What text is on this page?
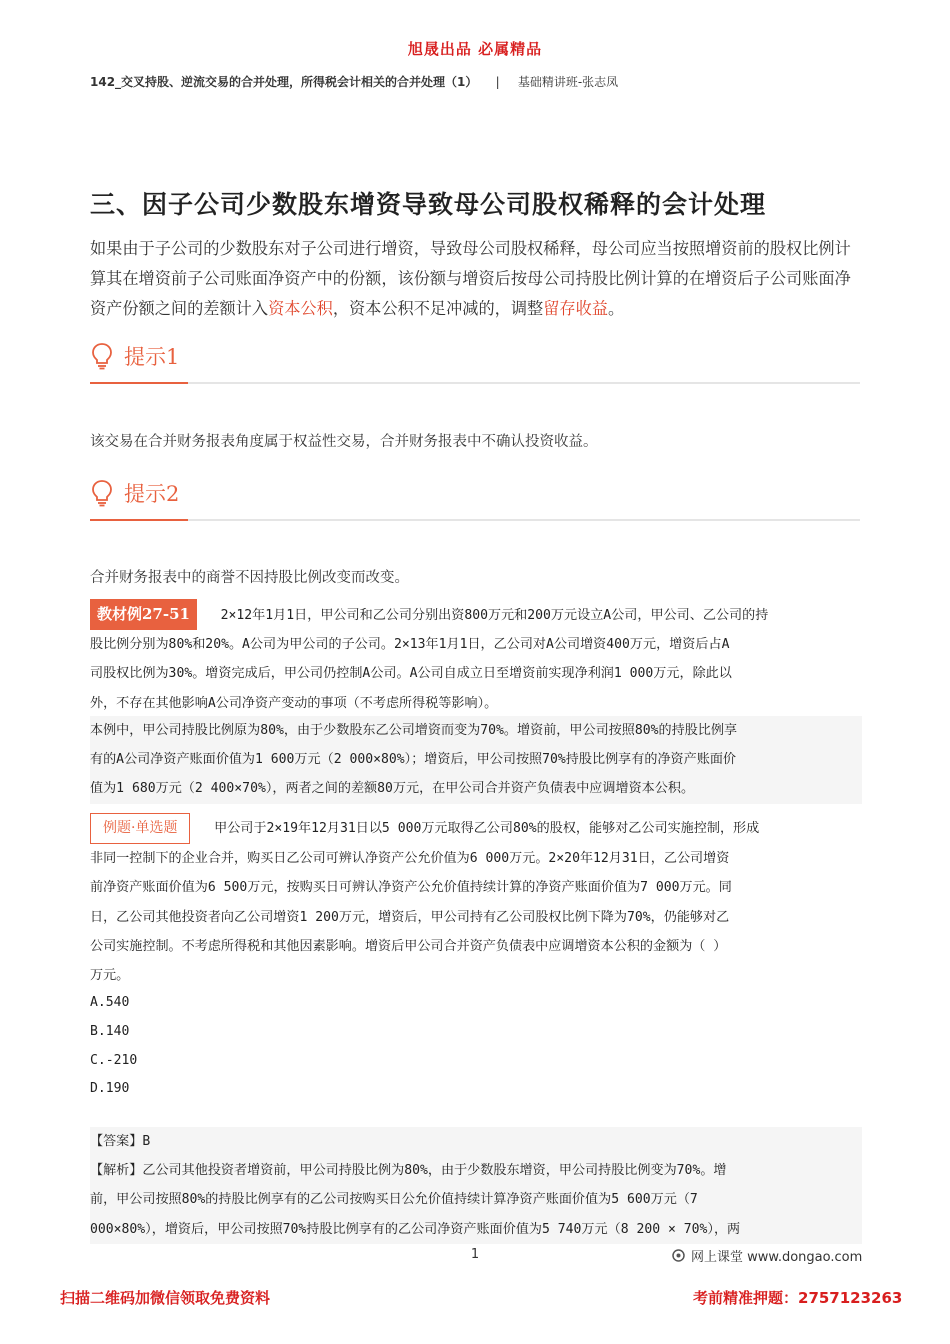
旭晟出品 必属精品
142_交叉持股、逆流交易的合并处理，所得税会计相关的合并处理（1） | 基础精讲班-张志凤
三、因子公司少数股东增资导致母公司股权稀释的会计处理
如果由于子公司的少数股东对子公司进行增资，导致母公司股权稀释，母公司应当按照增资前的股权比例计算其在增资前子公司账面净资产中的份额，该份额与增资后按母公司持股比例计算的在增资后子公司账面净资产份额之间的差额计入资本公积，资本公积不足冲减的，调整留存收益。
提示1
该交易在合并财务报表角度属于权益性交易，合并财务报表中不确认投资收益。
提示2
合并财务报表中的商誉不因持股比例改变而改变。
教材例27-51 2×12年1月1日，甲公司和乙公司分别出资800万元和200万元设立A公司，甲公司、乙公司的持
股比例分别为80%和20%。A公司为甲公司的子公司。2×13年1月1日，乙公司对A公司增资400万元，增资后占A
司股权比例为30%。增资完成后，甲公司仍控制A公司。A公司自成立日至增资前实现净利润1 000万元，除此以
外，不存在其他影响A公司净资产变动的事项（不考虑所得税等影响）。
本例中，甲公司持股比例原为80%，由于少数股东乙公司增资而变为70%。增资前，甲公司按照80%的持股比例享
有的A公司净资产账面价值为1 600万元（2 000×80%）；增资后，甲公司按照70%持股比例享有的净资产账面价
值为1 680万元（2 400×70%），两者之间的差额80万元，在甲公司合并资产负债表中应调增资本公积。
例题·单选题	甲公司于2×19年12月31日以5 000万元取得乙公司80%的股权，能够对乙公司实施控制，形成
非同一控制下的企业合并，购买日乙公司可辨认净资产公允价值为6 000万元。2×20年12月31日，乙公司增资
前净资产账面价值为6 500万元，按购买日可辨认净资产公允价值持续计算的净资产账面价值为7 000万元。同
日，乙公司其他投资者向乙公司增资1 200万元，增资后，甲公司持有乙公司股权比例下降为70%，仍能够对乙
公司实施控制。不考虑所得税和其他因素影响。增资后甲公司合并资产负债表中应调增资本公积的金额为（ ）
万元。
A.540
B.140
C.-210
D.190
【答案】B
【解析】乙公司其他投资者增资前，甲公司持股比例为80%，由于少数股东增资，甲公司持股比例变为70%。增
前，甲公司按照80%的持股比例享有的乙公司按购买日公允价值持续计算净资产账面价值为5 600万元（7
000×80%），增资后，甲公司按照70%持股比例享有的乙公司净资产账面价值为5 740万元（8 200 × 70%），两
1	网上课堂 www.dongao.com
扫描二维码加微信领取免费资料	考前精准押题：2757123263
